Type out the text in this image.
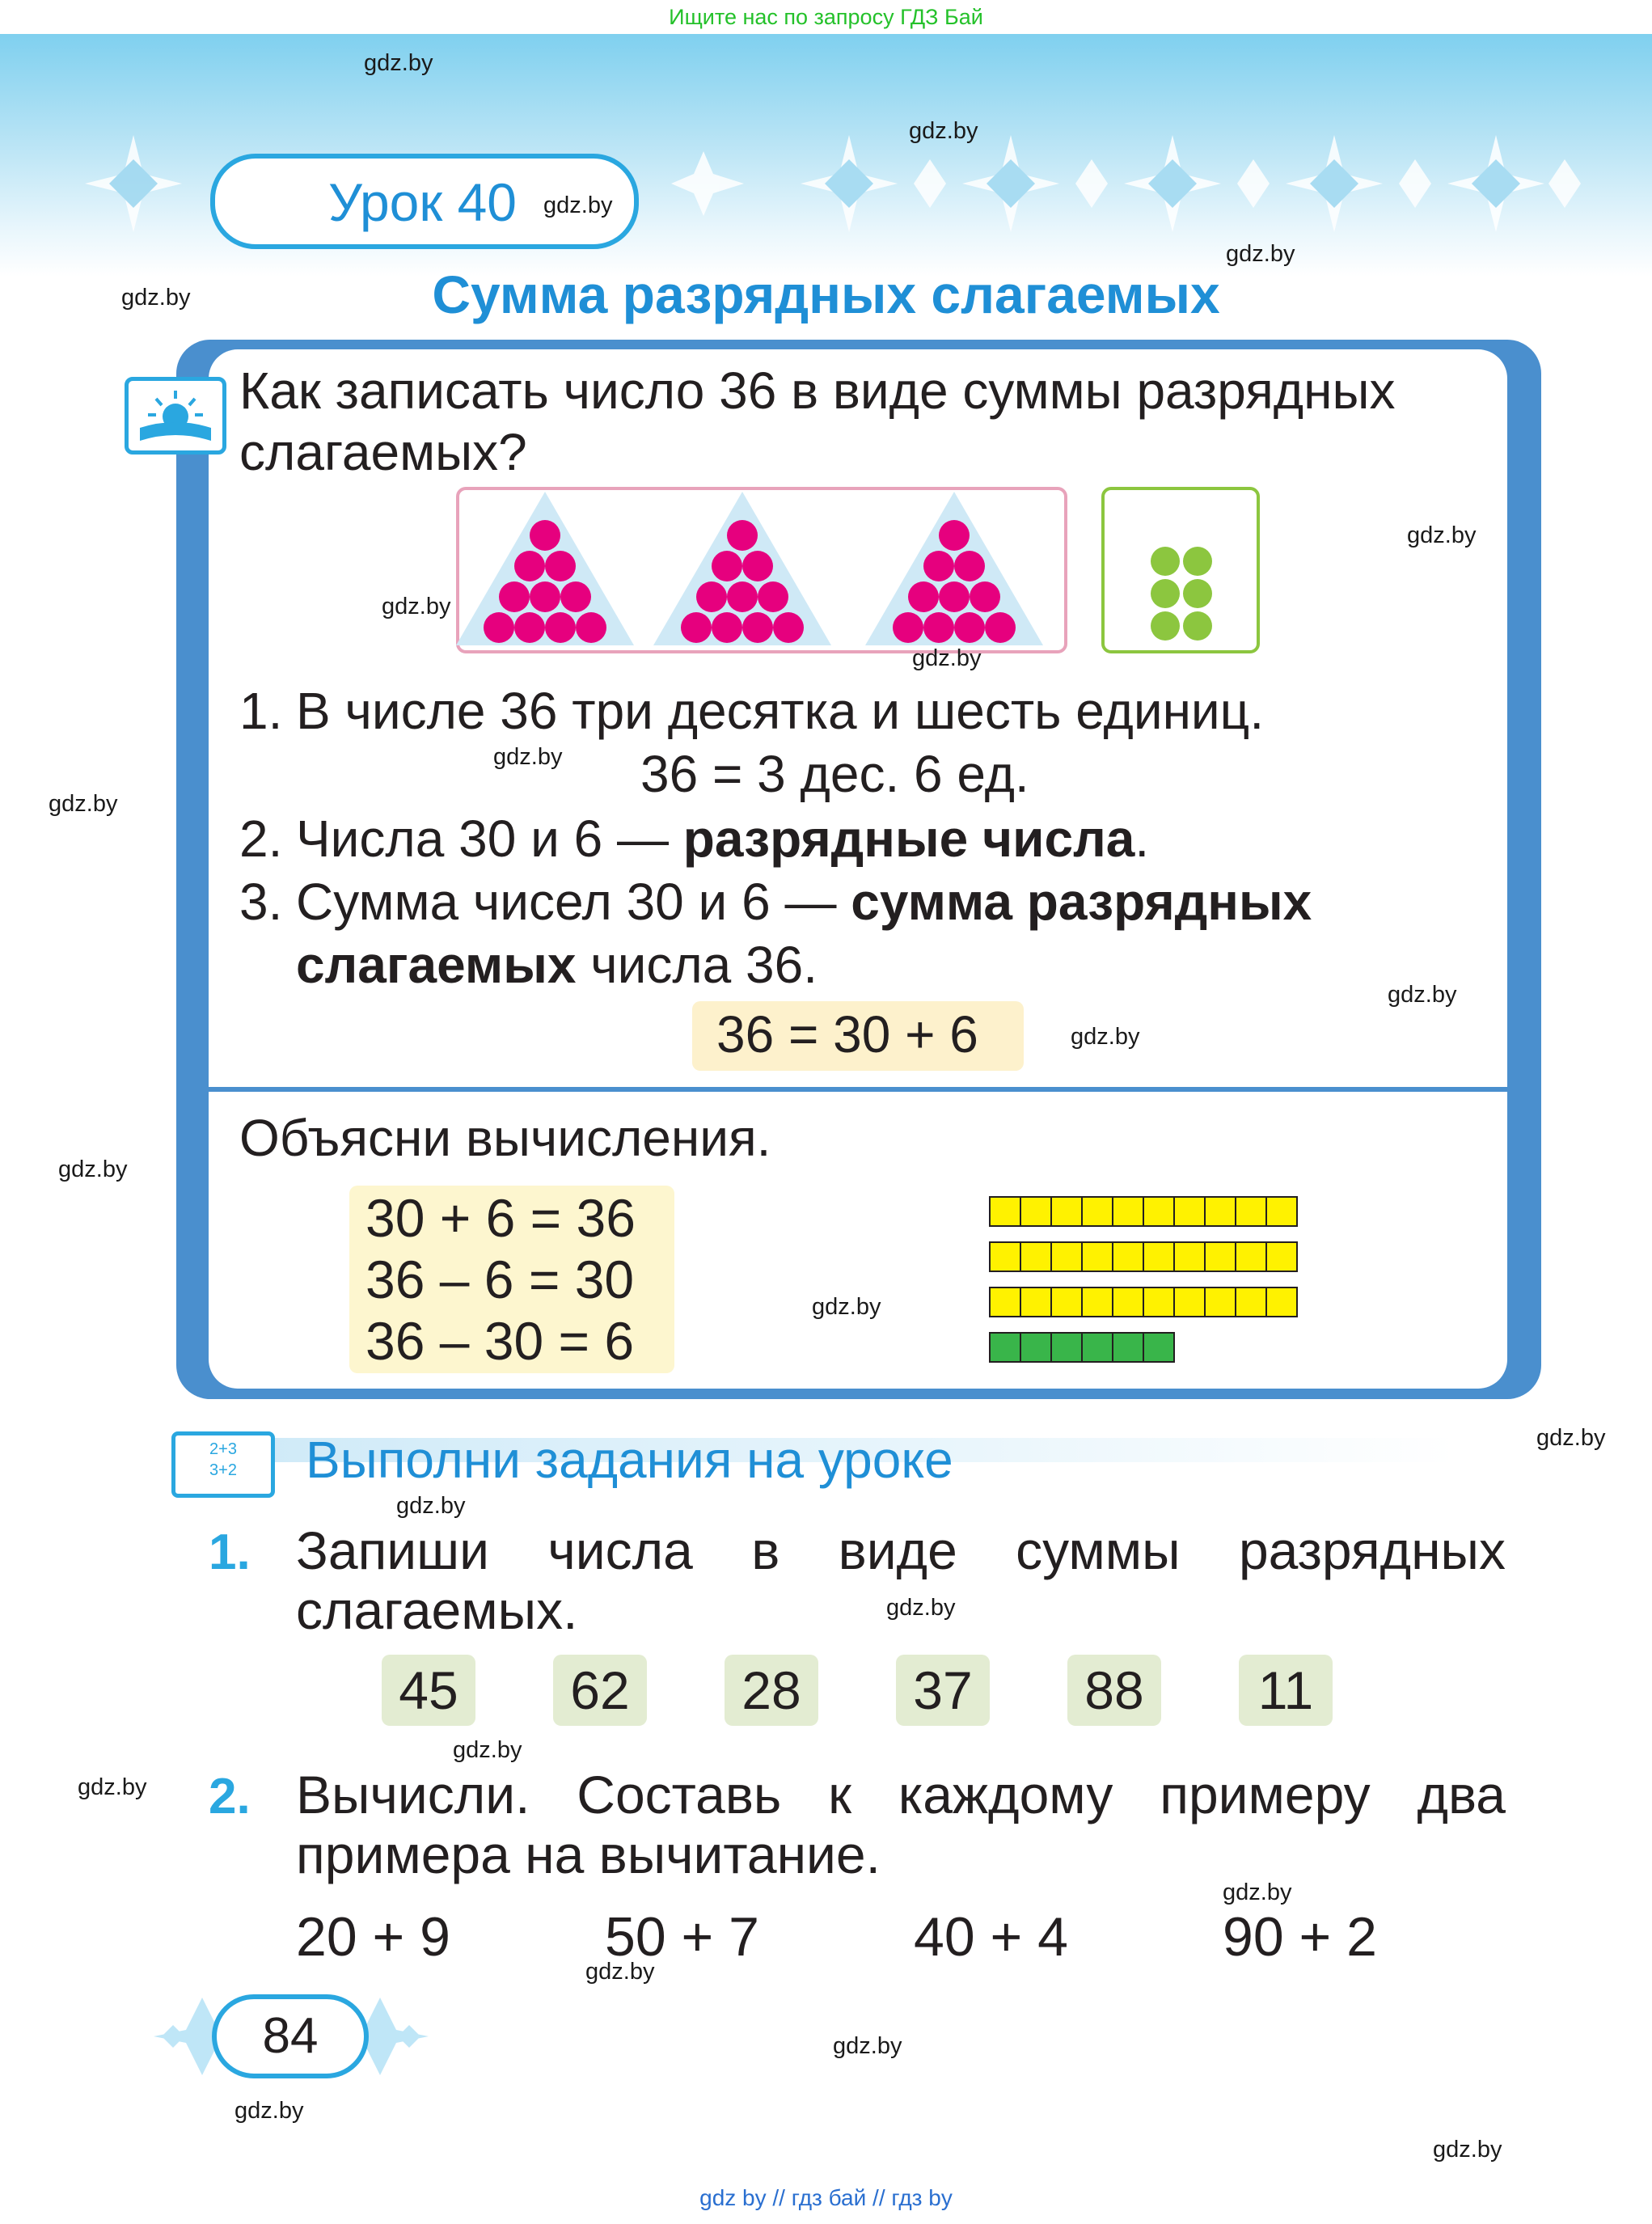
Ищите нас по запросу ГДЗ Бай
Урок 40
Сумма разрядных слагаемых
Как записать число 36 в виде суммы разрядных
слагаемых?
1. В числе 36 три десятка и шесть единиц.
36 = 3 дес. 6 ед.
2. Числа 30 и 6 — разрядные числа.
3. Сумма чисел 30 и 6 — сумма разрядных
слагаемых числа 36.
36 = 30 + 6
Объясни вычисления.
30 + 6 = 36
36 – 6 = 30
36 – 30 = 6
2+3
3+2	Выполни задания на уроке
1. Запиши числа в виде суммы разрядных слагаемых.
45	62	28	37	88	11
2. Вычисли. Составь к каждому примеру два примера на вычитание.
20 + 9	50 + 7	40 + 4	90 + 2
84
gdz.by
gdz.by
gdz.by
gdz.by
gdz.by
gdz.by
gdz.by
gdz.by
gdz.by
gdz.by
gdz.by
gdz.by
gdz.by
gdz.by
gdz.by
gdz.by
gdz.by
gdz.by
gdz.by
gdz.by
gdz.by
gdz.by
gdz.by
gdz.by
gdz by // гдз бай // гдз by
